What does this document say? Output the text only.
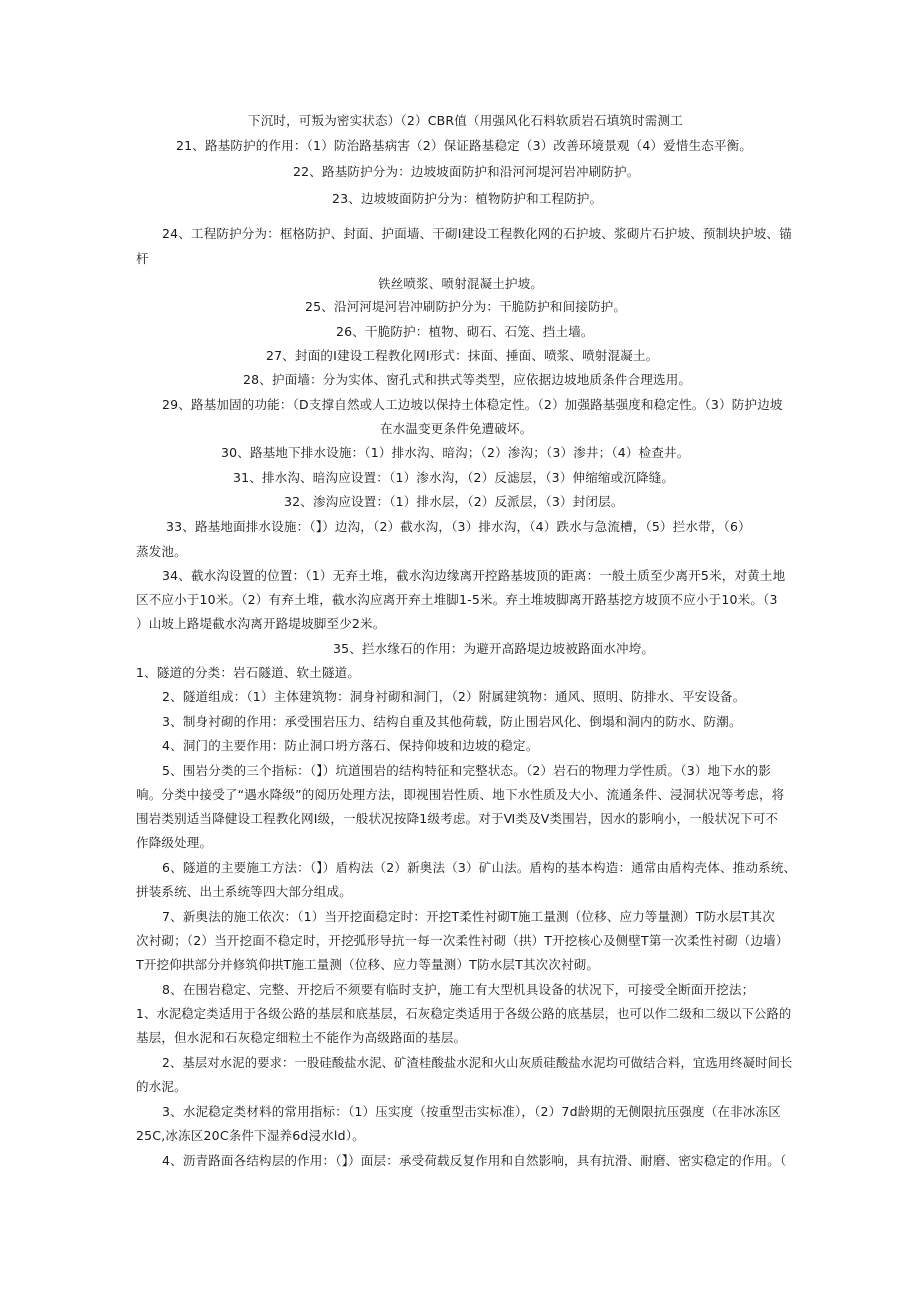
下沉时，可叛为密实状态）（2）CBR值（用强风化石料软质岩石填筑时需测工

21、路基防护的作用：（1）防治路基病害（2）保证路基稳定（3）改善环境景观（4）爱惜生态平衡。

22、路基防护分为：边坡坡面防护和沿河河堤河岩冲刷防护。

23、边坡坡面防护分为：植物防护和工程防护。

24、工程防护分为：框格防护、封面、护面墙、干砌I建设工程教化网的石护坡、浆砌片石护坡、预制块护坡、锚

杆

铁丝喷浆、喷射混凝土护坡。

25、沿河河堤河岩冲刷防护分为：干脆防护和间接防护。

26、干脆防护：植物、砌石、石笼、挡土墙。

27、封面的I建设工程教化网I形式：抹面、捶面、喷浆、喷射混凝土。

28、护面墙：分为实体、窗孔式和拱式等类型，应依据边坡地质条件合理选用。

29、路基加固的功能：（D支撑自然或人工边坡以保持土体稳定性。（2）加强路基强度和稳定性。（3）防护边坡

在水温变更条件免遭破坏。

30、路基地下排水设施：（1）排水沟、暗沟；（2）渗沟；（3）渗井；（4）检查井。

31、排水沟、暗沟应设置：（1）渗水沟，（2）反滤层，（3）伸缩缩或沉降缝。

32、渗沟应设置：（1）排水层，（2）反派层，（3）封闭层。

33、路基地面排水设施：（】）边沟，（2）截水沟，（3）排水沟，（4）跌水与急流槽，（5）拦水带，（6）

蒸发池。

34、截水沟设置的位置：（1）无弃土堆，截水沟边缘离开控路基坡顶的距离：一般土质至少离开5米，对黄土地

区不应小于10米。（2）有弃土堆，截水沟应离开弃土堆脚1-5米。弃土堆坡脚离开路基挖方坡顶不应小于10米。（3

）山坡上路堤截水沟离开路堤坡脚至少2米。

35、拦水缘石的作用：为避开高路堤边坡被路面水冲垮。

1、隧道的分类：岩石隧道、软土隧道。

2、隧道组成：（1）主体建筑物：洞身衬砌和洞门，（2）附属建筑物：通风、照明、防排水、平安设备。

3、制身衬砌的作用：承受围岩压力、结构自重及其他荷载，防止围岩风化、倒塌和洞内的防水、防潮。

4、洞门的主要作用：防止洞口坍方落石、保持仰坡和边坡的稳定。

5、围岩分类的三个指标：（】）坑道围岩的结构特征和完整状态。（2）岩石的物理力学性质。（3）地下水的影

响。分类中接受了“遇水降级”的阅历处理方法，即视围岩性质、地下水性质及大小、流通条件、浸洞状况等考虑，将

围岩类别适当降健设工程教化网I级，一般状况按降1级考虑。对于Ⅵ类及Ⅴ类围岩，因水的影响小，一般状况下可不

作降级处理。

6、隧道的主要施工方法：（】）盾构法（2）新奥法（3）矿山法。盾构的基本构造：通常由盾构壳体、推动系统、

拼装系统、出土系统等四大部分组成。

7、新奥法的施工依次：（1）当开挖面稳定时：开挖T柔性衬砌T施工量测（位移、应力等量测）T防水层T其次

次衬砌；（2）当开挖面不稳定时，开挖弧形导抗一每一次柔性衬砌（拱）T开挖核心及侧壁T第一次柔性衬砌（边墙）

T开挖仰拱部分并修筑仰拱T施工量测（位移、应力等量测）T防水层T其次次衬砌。

8、在围岩稳定、完整、开挖后不须要有临时支护，施工有大型机具设备的状况下，可接受全断面开挖法；

1、水泥稳定类适用于各级公路的基层和底基层，石灰稳定类适用于各级公路的底基层，也可以作二级和二级以下公路的

基层，但水泥和石灰稳定细粒土不能作为高级路面的基层。

2、基层对水泥的要求：一股硅酸盐水泥、矿渣桂酸盐水泥和火山灰质硅酸盐水泥均可做结合料，宜选用终凝时间长

的水泥。

3、水泥稳定类材料的常用指标：（1）压实度（按重型击实标准），（2）7d龄期的无侧限抗压强度（在非冰冻区

25C,冰冻区20C条件下湿养6d浸水ld）。

4、沥青路面各结构层的作用：（】）面层：承受荷载反复作用和自然影响，具有抗滑、耐磨、密实稳定的作用。（
